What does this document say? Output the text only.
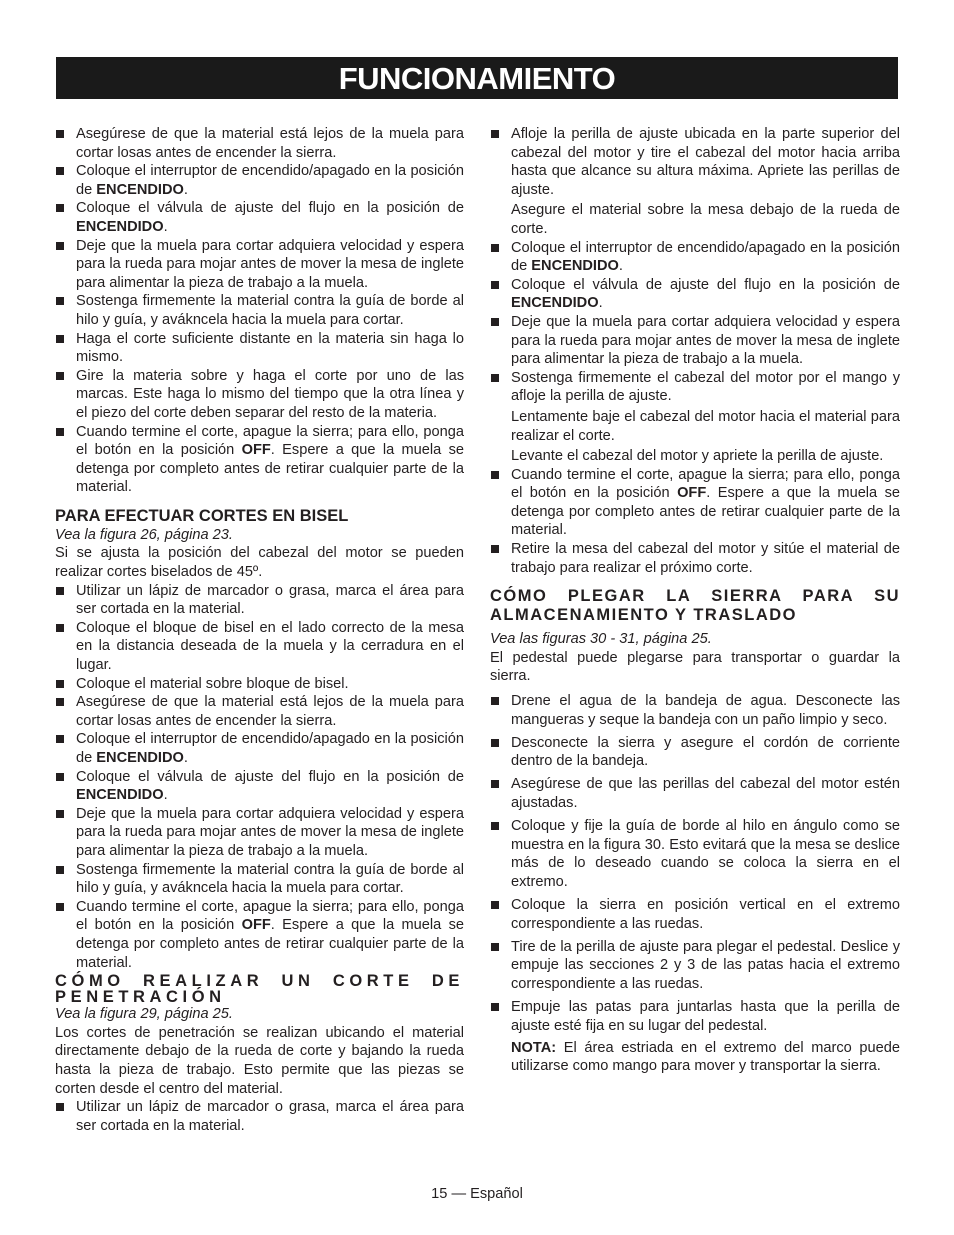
FUNCIONAMIENTO
Asegúrese de que la material está lejos de la muela para cortar losas antes de encender la sierra.
Coloque el interruptor de encendido/apagado en la posición de ENCENDIDO.
Coloque el válvula de ajuste del flujo en la posición de ENCENDIDO.
Deje que la muela para cortar adquiera velocidad y espera para la rueda para mojar antes de mover la mesa de inglete para alimentar la pieza de trabajo a la muela.
Sostenga firmemente la material contra la guía de borde al hilo y guía, y avákncela hacia la muela para cortar.
Haga el corte suficiente distante en la materia sin haga lo mismo.
Gire la materia sobre y haga el corte por uno de las marcas. Este haga lo mismo del tiempo que la otra línea y el piezo del corte deben separar del resto de la materia.
Cuando termine el corte, apague la sierra; para ello, ponga el botón en la posición OFF. Espere a que la muela se detenga por completo antes de retirar cualquier parte de la material.
PARA EFECTUAR CORTES EN BISEL

Vea la figura 26, página 23.

Si se ajusta la posición del cabezal del motor se pueden realizar cortes biselados de 45º.

Utilizar un lápiz de marcador o grasa, marca el área para ser cortada en la material.
Coloque el bloque de bisel en el lado correcto de la mesa en la distancia deseada de la muela y la cerradura en el lugar.
Coloque el material sobre bloque de bisel.
Asegúrese de que la material está lejos de la muela para cortar losas antes de encender la sierra.
Coloque el interruptor de encendido/apagado en la posición de ENCENDIDO.
Coloque el válvula de ajuste del flujo en la posición de ENCENDIDO.
Deje que la muela para cortar adquiera velocidad y espera para la rueda para mojar antes de mover la mesa de inglete para alimentar la pieza de trabajo a la muela.
Sostenga firmemente la material contra la guía de borde al hilo y guía, y avákncela hacia la muela para cortar.
Cuando termine el corte, apague la sierra; para ello, ponga el botón en la posición OFF. Espere a que la muela se detenga por completo antes de retirar cualquier parte de la material.
CÓMO REALIZAR UN CORTE DE PENETRACIÓN

Vea la figura 29, página 25.

Los cortes de penetración se realizan ubicando el material directamente debajo de la rueda de corte y bajando la rueda hasta la pieza de trabajo. Esto permite que las piezas se corten desde el centro del material.

Utilizar un lápiz de marcador o grasa, marca el área para ser cortada en la material.
Afloje la perilla de ajuste ubicada en la parte superior del cabezal del motor y tire el cabezal del motor hacia arriba hasta que alcance su altura máxima. Apriete las perillas de ajuste.

Asegure el material sobre la mesa debajo de la rueda de corte.

Coloque el interruptor de encendido/apagado en la posición de ENCENDIDO.
Coloque el válvula de ajuste del flujo en la posición de ENCENDIDO.
Deje que la muela para cortar adquiera velocidad y espera para la rueda para mojar antes de mover la mesa de inglete para alimentar la pieza de trabajo a la muela.
Sostenga firmemente el cabezal del motor por el mango y afloje la perilla de ajuste.

Lentamente baje el cabezal del motor hacia el material para realizar el corte.

Levante el cabezal del motor y apriete la perilla de ajuste.

Cuando termine el corte, apague la sierra; para ello, ponga el botón en la posición OFF. Espere a que la muela se detenga por completo antes de retirar cualquier parte de la material.
Retire la mesa del cabezal del motor y sitúe el material de trabajo para realizar el próximo corte.
CÓMO PLEGAR LA SIERRA PARA SU ALMACENAMIENTO Y TRASLADO

Vea las figuras 30 - 31, página 25.

El pedestal puede plegarse para transportar o guardar la sierra.

Drene el agua de la bandeja de agua. Desconecte las mangueras y seque la bandeja con un paño limpio y seco.
Desconecte la sierra y asegure el cordón de corriente dentro de la bandeja.
Asegúrese de que las perillas del cabezal del motor estén ajustadas.
Coloque y fije la guía de borde al hilo en ángulo como se muestra en la figura 30. Esto evitará que la mesa se deslice más de lo deseado cuando se coloca la sierra en el extremo.
Coloque la sierra en posición vertical en el extremo correspondiente a las ruedas.
Tire de la perilla de ajuste para plegar el pedestal. Deslice y empuje las secciones 2 y 3 de las patas hacia el extremo correspondiente a las ruedas.
Empuje las patas para juntarlas hasta que la perilla de ajuste esté fija en su lugar del pedestal.

NOTA: El área estriada en el extremo del marco puede utilizarse como mango para mover y transportar la sierra.

15 — Español
